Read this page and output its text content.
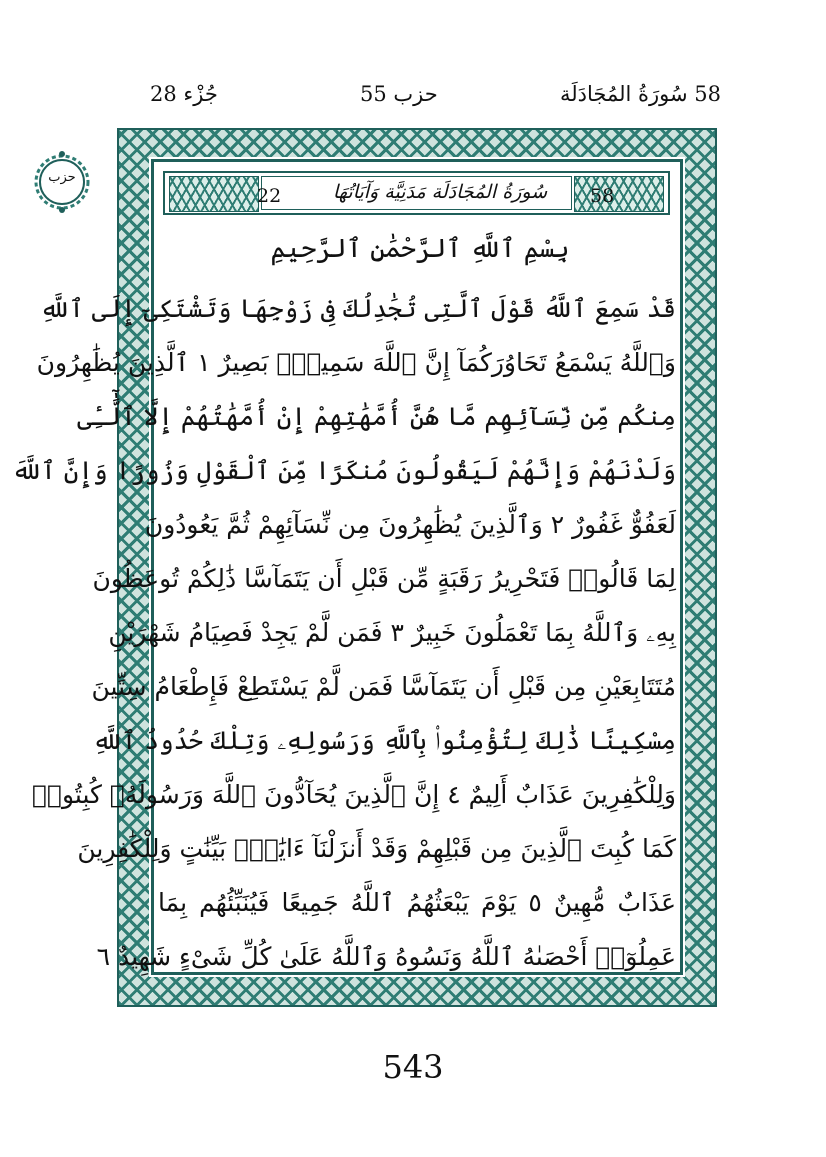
جُزْء 28	حزب 55	58 سُورَةُ المُجَادَلَة
حزب
22	سُورَةُ المُجَادَلَة مَدَنِيَّة وَآيَاتُهَا	58
بِسْمِ ٱللَّهِ ٱلرَّحْمَٰنِ ٱلرَّحِيمِ
قَدْ سَمِعَ ٱللَّهُ قَوْلَ ٱلَّتِى تُجَٰدِلُكَ فِى زَوْجِهَا وَتَشْتَكِىٓ إِلَى ٱللَّهِ
وَٱللَّهُ يَسْمَعُ تَحَاوُرَكُمَآ إِنَّ ٱللَّهَ سَمِيعٌۢ بَصِيرٌ ١ ٱلَّذِينَ يُظَٰهِرُونَ
مِنكُم مِّن نِّسَآئِهِم مَّا هُنَّ أُمَّهَٰتِهِمْ إِنْ أُمَّهَٰتُهُمْ إِلَّا ٱلَّٰٓـِٔى
وَلَدْنَهُمْ وَإِنَّهُمْ لَيَقُولُونَ مُنكَرًا مِّنَ ٱلْقَوْلِ وَزُورًا وَإِنَّ ٱللَّهَ
لَعَفُوٌّ غَفُورٌ ٢ وَٱلَّذِينَ يُظَٰهِرُونَ مِن نِّسَآئِهِمْ ثُمَّ يَعُودُونَ
لِمَا قَالُوا۟ فَتَحْرِيرُ رَقَبَةٍ مِّن قَبْلِ أَن يَتَمَآسَّا ذَٰلِكُمْ تُوعَظُونَ
بِهِۦ وَٱللَّهُ بِمَا تَعْمَلُونَ خَبِيرٌ ٣ فَمَن لَّمْ يَجِدْ فَصِيَامُ شَهْرَيْنِ
مُتَتَابِعَيْنِ مِن قَبْلِ أَن يَتَمَآسَّا فَمَن لَّمْ يَسْتَطِعْ فَإِطْعَامُ سِتِّينَ
مِسْكِينًا ذَٰلِكَ لِتُؤْمِنُوا۟ بِٱللَّهِ وَرَسُولِهِۦ وَتِلْكَ حُدُودُ ٱللَّهِ
وَلِلْكَٰفِرِينَ عَذَابٌ أَلِيمٌ ٤ إِنَّ ٱلَّذِينَ يُحَآدُّونَ ٱللَّهَ وَرَسُولَهُۥ كُبِتُوا۟
كَمَا كُبِتَ ٱلَّذِينَ مِن قَبْلِهِمْ وَقَدْ أَنزَلْنَآ ءَايَٰتٍۭ بَيِّنَٰتٍ وَلِلْكَٰفِرِينَ
عَذَابٌ مُّهِينٌ ٥ يَوْمَ يَبْعَثُهُمُ ٱللَّهُ جَمِيعًا فَيُنَبِّئُهُم بِمَا
عَمِلُوٓا۟ أَحْصَىٰهُ ٱللَّهُ وَنَسُوهُ وَٱللَّهُ عَلَىٰ كُلِّ شَىْءٍ شَهِيدٌ ٦
543
